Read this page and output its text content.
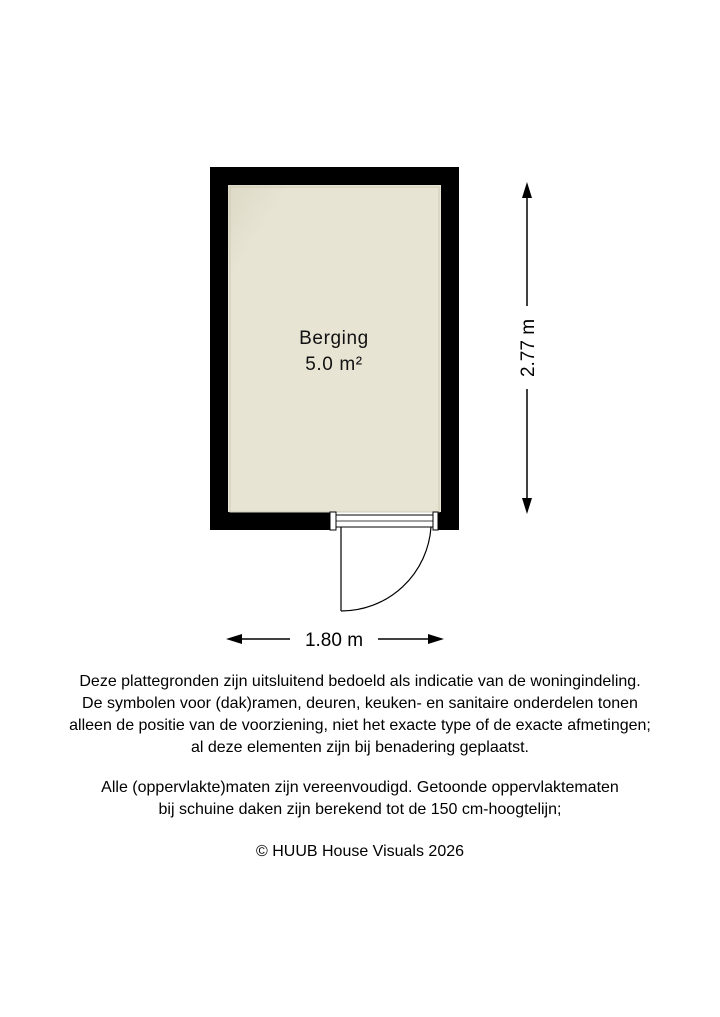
Berging
5.0 m²	2.77 m
1.80 m

Deze plattegronden zijn uitsluitend bedoeld als indicatie van de woningindeling.

De symbolen voor (dak)ramen, deuren, keuken- en sanitaire onderdelen tonen

alleen de positie van de voorziening, niet het exacte type of de exacte afmetingen;

al deze elementen zijn bij benadering geplaatst.

Alle (oppervlakte)maten zijn vereenvoudigd. Getoonde oppervlaktematen

bij schuine daken zijn berekend tot de 150 cm-hoogtelijn;

© HUUB House Visuals 2026
